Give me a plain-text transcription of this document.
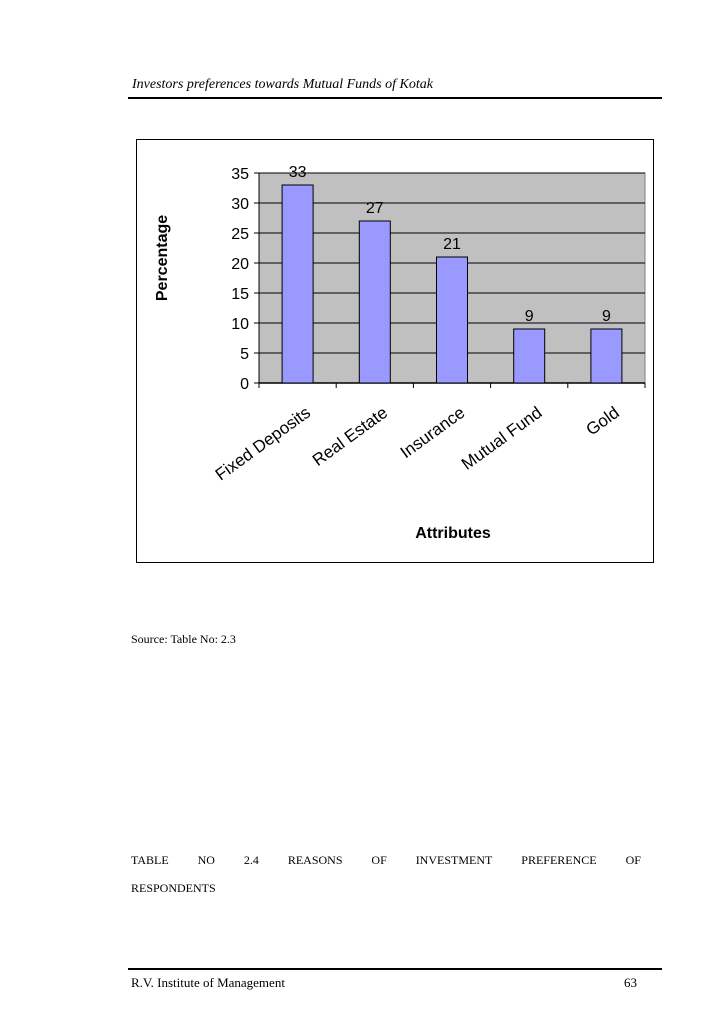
Investors preferences towards Mutual Funds of Kotak
0
5
10
15
20
25
30
35 33
Fixed Deposits
27
Real Estate
21
Insurance
9
Mutual Fund
9
Gold
Percentage
Attributes
Source: Table No: 2.3
TABLE NO 2.4 REASONS OF INVESTMENT PREFERENCE OF
RESPONDENTS
R.V. Institute of Management	63
